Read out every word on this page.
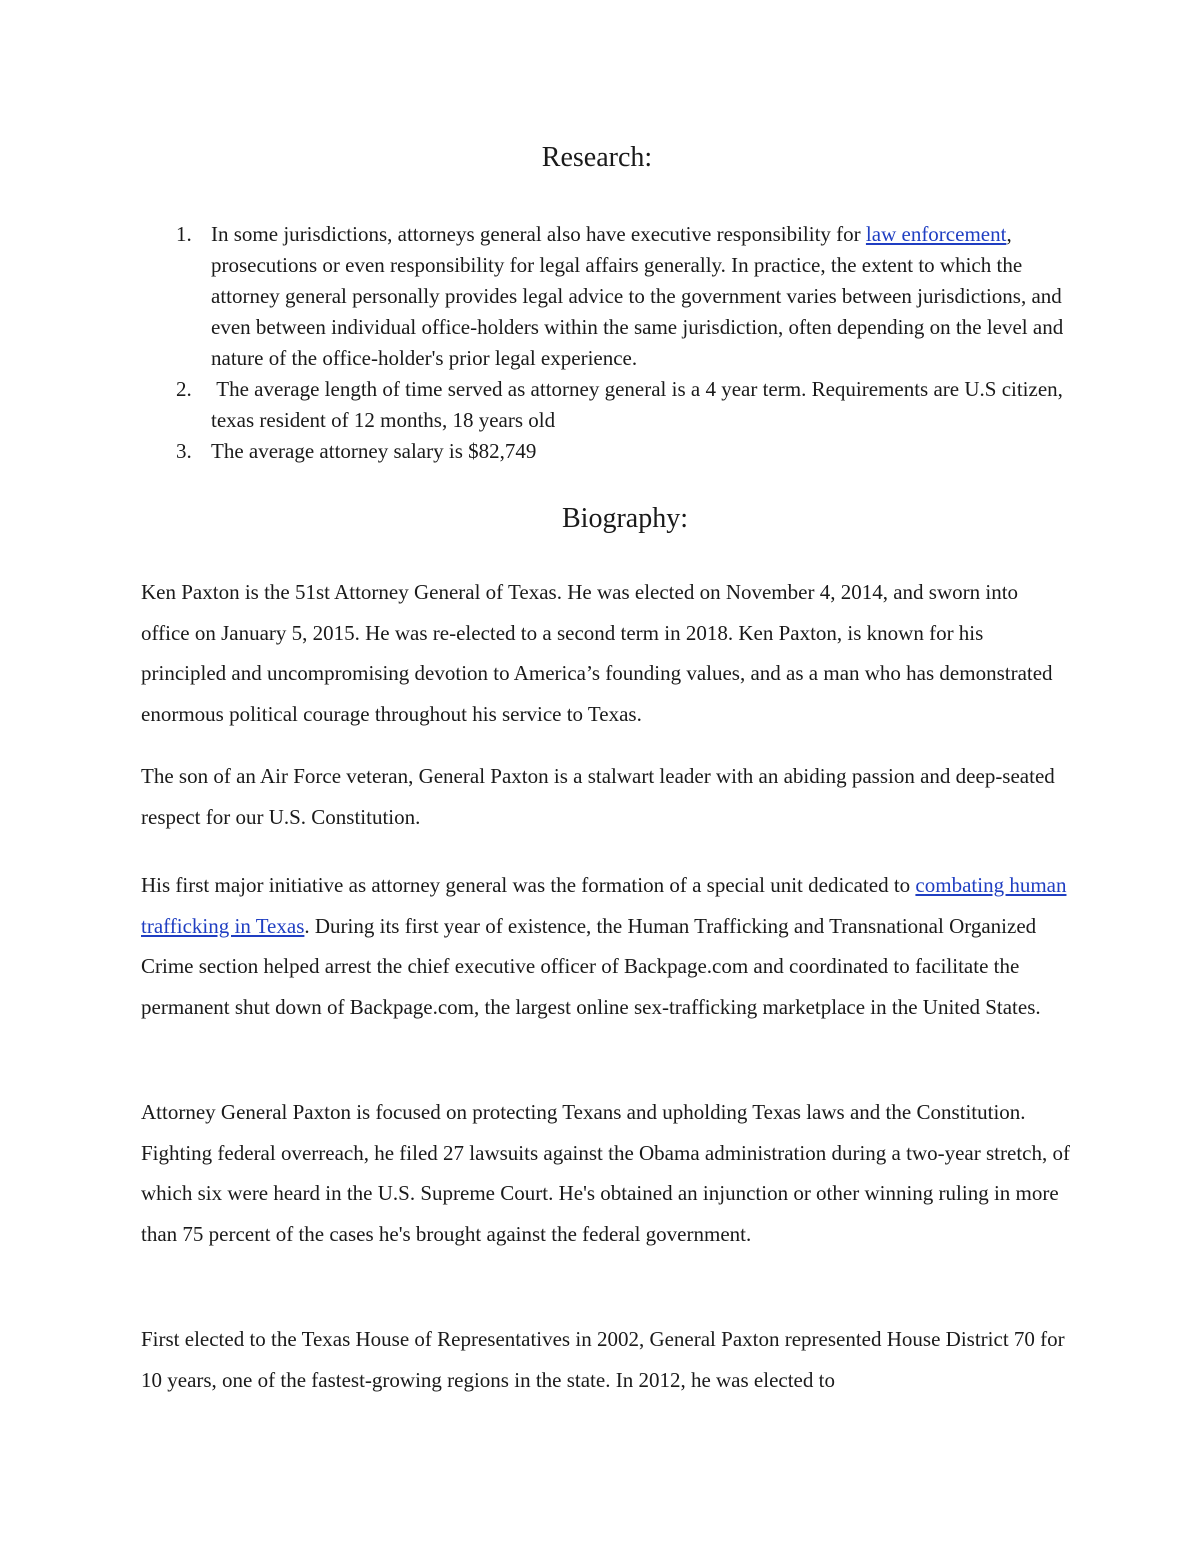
Research:
1. In some jurisdictions, attorneys general also have executive responsibility for law enforcement, prosecutions or even responsibility for legal affairs generally. In practice, the extent to which the attorney general personally provides legal advice to the government varies between jurisdictions, and even between individual office-holders within the same jurisdiction, often depending on the level and nature of the office-holder's prior legal experience.
2. The average length of time served as attorney general is a 4 year term. Requirements are U.S citizen, texas resident of 12 months, 18 years old
3. The average attorney salary is $82,749
Biography:

Ken Paxton is the 51st Attorney General of Texas. He was elected on November 4, 2014, and sworn into office on January 5, 2015. He was re-elected to a second term in 2018. Ken Paxton, is known for his principled and uncompromising devotion to America’s founding values, and as a man who has demonstrated enormous political courage throughout his service to Texas.

The son of an Air Force veteran, General Paxton is a stalwart leader with an abiding passion and deep-seated respect for our U.S. Constitution.

His first major initiative as attorney general was the formation of a special unit dedicated to combating human trafficking in Texas. During its first year of existence, the Human Trafficking and Transnational Organized Crime section helped arrest the chief executive officer of Backpage.com and coordinated to facilitate the permanent shut down of Backpage.com, the largest online sex-trafficking marketplace in the United States.

Attorney General Paxton is focused on protecting Texans and upholding Texas laws and the Constitution. Fighting federal overreach, he filed 27 lawsuits against the Obama administration during a two-year stretch, of which six were heard in the U.S. Supreme Court. He's obtained an injunction or other winning ruling in more than 75 percent of the cases he's brought against the federal government.

First elected to the Texas House of Representatives in 2002, General Paxton represented House District 70 for 10 years, one of the fastest-growing regions in the state. In 2012, he was elected to
